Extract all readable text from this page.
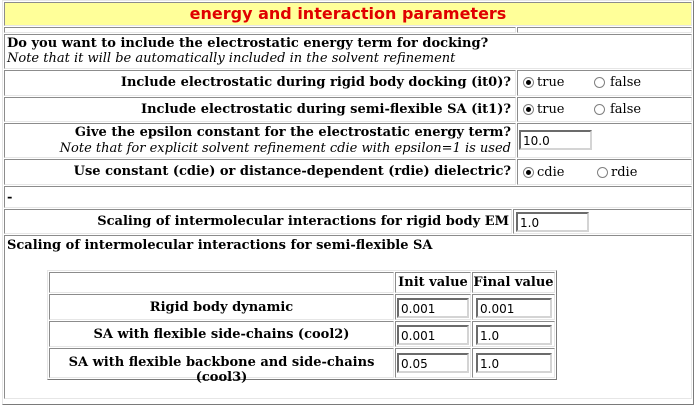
energy and interaction parameters
Do you want to include the electrostatic energy term for docking?
Note that it will be automatically included in the solvent refinement
Include electrostatic during rigid body docking (it0)?	true	false
Include electrostatic during semi-flexible SA (it1)?	true	false
Give the epsilon constant for the electrostatic energy term?
Note that for explicit solvent refinement cdie with epsilon=1 is used	10.0
Use constant (cdie) or distance-dependent (rdie) dielectric?	cdie	rdie
-
Scaling of intermolecular interactions for rigid body EM 1.0
Scaling of intermolecular interactions for semi-flexible SA
Init value Final value
Rigid body dynamic	0.001	0.001
SA with flexible side-chains (cool2)	0.001	1.0
SA with flexible backbone and side-chains (cool3)
0.05	1.0
